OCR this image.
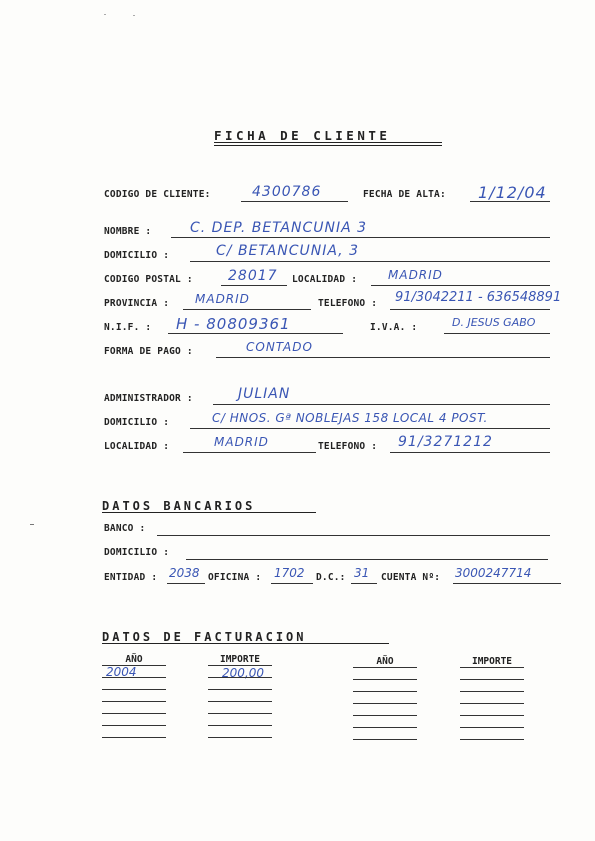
FICHA DE CLIENTE
CODIGO DE CLIENTE:	4300786	FECHA DE ALTA: 1/12/04
NOMBRE :	C. DEP. BETANCUNIA 3
DOMICILIO :	C/ BETANCUNIA, 3
CODIGO POSTAL :	28017 LOCALIDAD :	MADRID
PROVINCIA : MADRID	TELEFONO : 91/3042211 - 636548891
N.I.F. : H - 80809361	I.V.A. :	D. JESUS GABO
FORMA DE PAGO :	CONTADO
ADMINISTRADOR :	JULIAN
DOMICILIO :	C/ HNOS. Gª NOBLEJAS 158 LOCAL 4 POST.
LOCALIDAD :	MADRID	TELEFONO : 91/3271212
DATOS BANCARIOS
BANCO :
DOMICILIO :
ENTIDAD : 2038 OFICINA : 1702 D.C.: 31 CUENTA Nº: 3000247714
DATOS DE FACTURACION
AÑO	IMPORTE	AÑO	IMPORTE
2004	200,00
